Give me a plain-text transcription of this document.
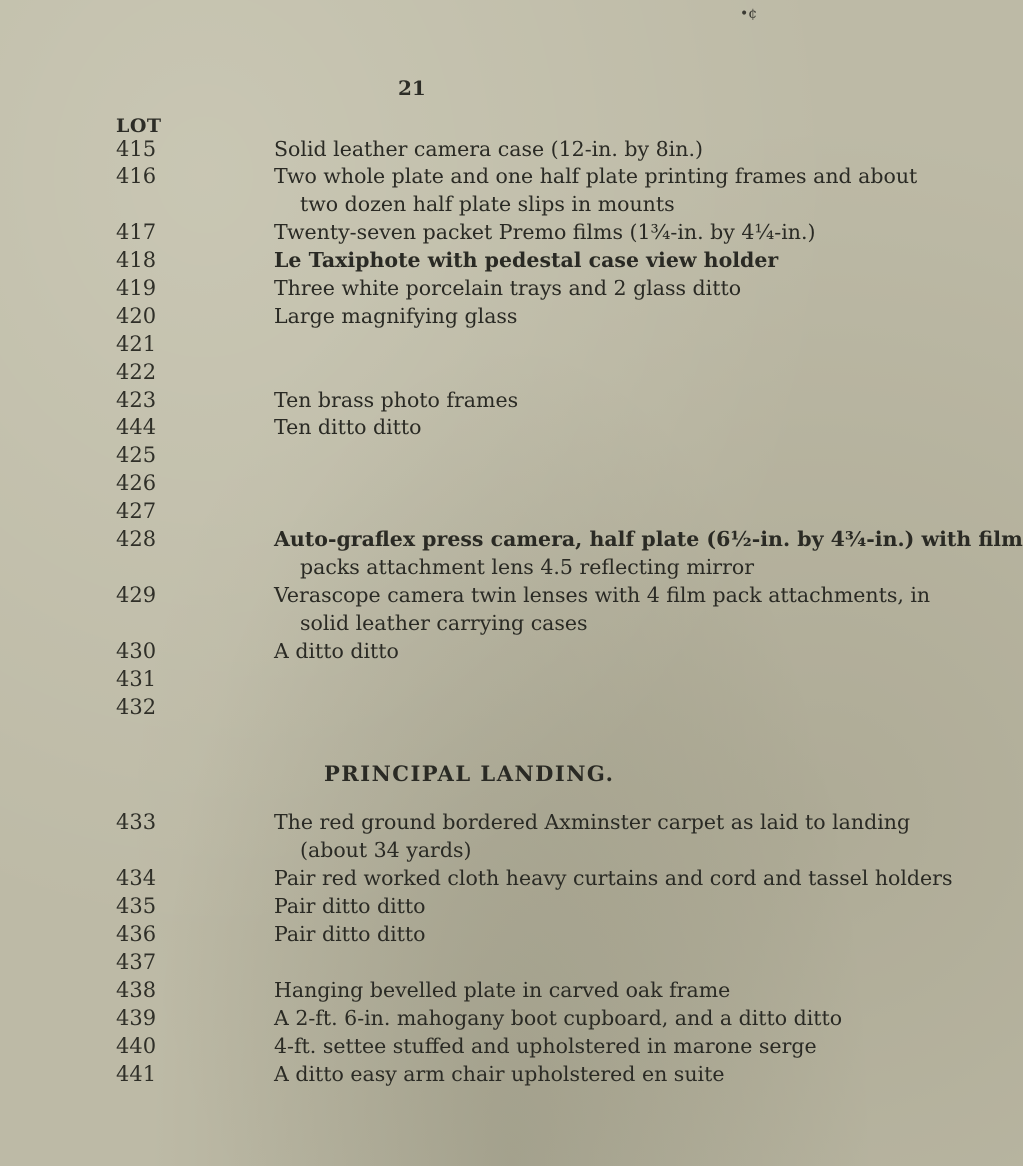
•¢
21
LOT
415	Solid leather camera case (12-in. by 8in.)
416	Two whole plate and one half plate printing frames and about
two dozen half plate slips in mounts
417	Twenty-seven packet Premo films (1¾-in. by 4¼-in.)
418	Le Taxiphote with pedestal case view holder
419	Three white porcelain trays and 2 glass ditto
420	Large magnifying glass
421
422
423	Ten brass photo frames
444	Ten ditto ditto
425
426
427
428	Auto-graflex press camera, half plate (6½-in. by 4¾-in.) with film
packs attachment lens 4.5 reflecting mirror
429	Verascope camera twin lenses with 4 film pack attachments, in
solid leather carrying cases
430	A ditto ditto
431
432
PRINCIPAL LANDING.
433	The red ground bordered Axminster carpet as laid to landing
(about 34 yards)
434	Pair red worked cloth heavy curtains and cord and tassel holders
435	Pair ditto ditto
436	Pair ditto ditto
437
438	Hanging bevelled plate in carved oak frame
439	A 2-ft. 6-in. mahogany boot cupboard, and a ditto ditto
440	4-ft. settee stuffed and upholstered in marone serge
441	A ditto easy arm chair upholstered en suite
